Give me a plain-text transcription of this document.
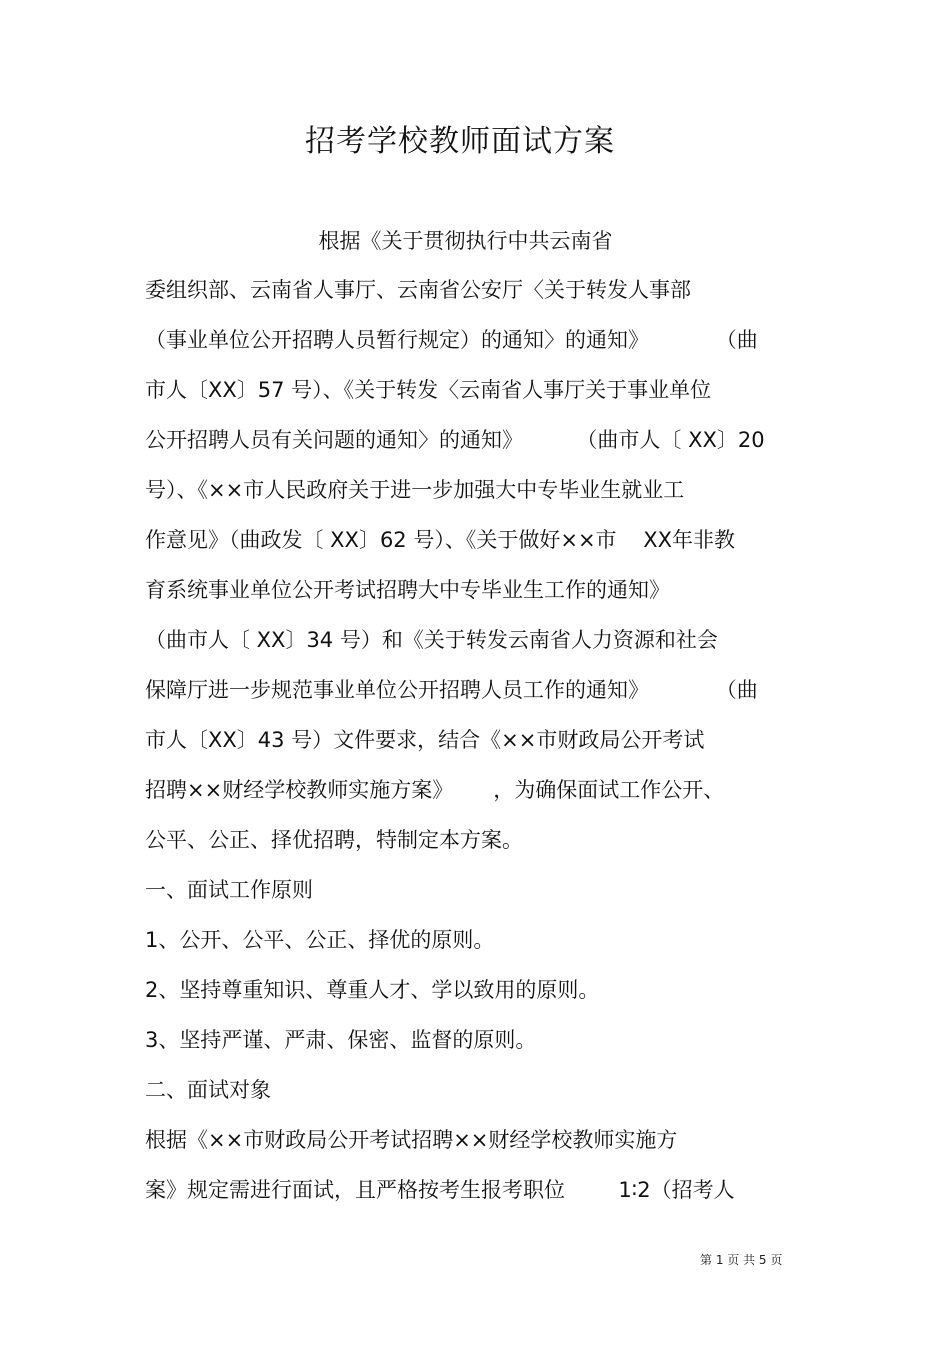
招考学校教师面试方案
根据《关于贯彻执行中共云南省
委组织部、云南省人事厅、云南省公安厅〈关于转发人事部
（事业单位公开招聘人员暂行规定）的通知〉的通知》          （曲
市人〔XX〕57 号）、《关于转发〈云南省人事厅关于事业单位
公开招聘人员有关问题的通知〉的通知》        （曲市人〔 XX〕20
号）、《××市人民政府关于进一步加强大中专毕业生就业工
作意见》（曲政发〔 XX〕62 号）、《关于做好××市    XX年非教
育系统事业单位公开考试招聘大中专毕业生工作的通知》
（曲市人〔 XX〕34 号）和《关于转发云南省人力资源和社会
保障厅进一步规范事业单位公开招聘人员工作的通知》          （曲
市人〔XX〕43 号）文件要求，结合《××市财政局公开考试
招聘××财经学校教师实施方案》      ，为确保面试工作公开、
公平、公正、择优招聘，特制定本方案。
一、面试工作原则
1、公开、公平、公正、择优的原则。
2、坚持尊重知识、尊重人才、学以致用的原则。
3、坚持严谨、严肃、保密、监督的原则。
二、面试对象
根据《××市财政局公开考试招聘××财经学校教师实施方
案》规定需进行面试，且严格按考生报考职位        1∶2（招考人
第 1 页 共 5 页
